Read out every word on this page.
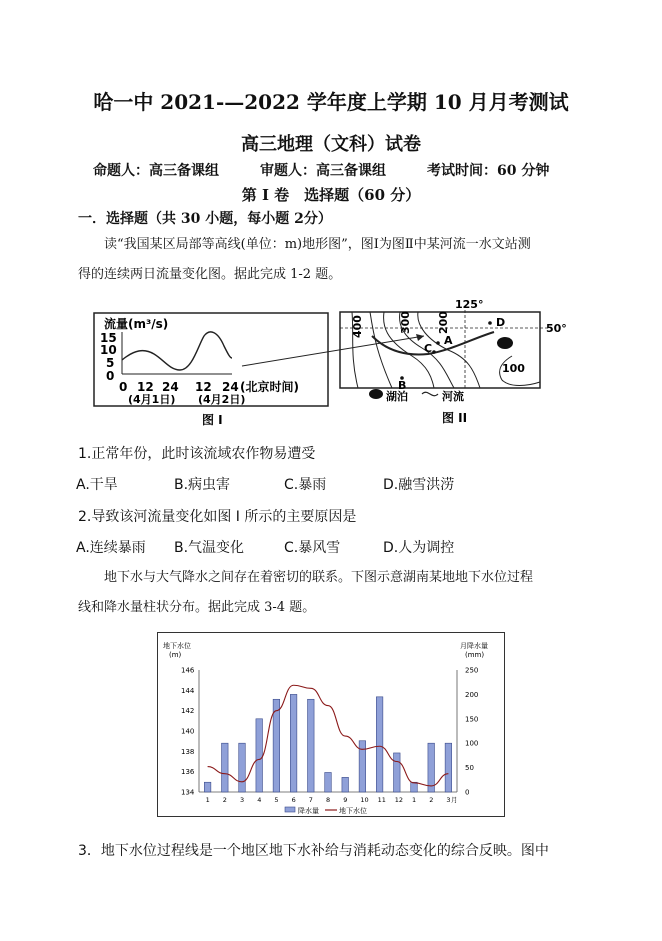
哈一中 2021-—2022 学年度上学期 10 月月考测试
高三地理（文科）试卷
命题人：高三备课组	审题人：高三备课组	考试时间：60 分钟
第 I 卷　选择题（60 分）
一．选择题（共 30 小题，每小题 2分）
读“我国某区局部等高线(单位：m)地形图”，图Ⅰ为图Ⅱ中某河流一水文站测
得的连续两日流量变化图。据此完成 1-2 题。
流量(m³/s)
15
10
5
0
12 24 12 24
0	(北京时间)
(4月1日) (4月2日)
图 I
400	300 200
100
A
B
C
D
125°
50°
湖泊	河流
图 II
1.正常年份，此时该流域农作物易遭受
A.干旱	B.病虫害	C.暴雨	D.融雪洪涝
2.导致该河流量变化如图 I 所示的主要原因是
A.连续暴雨 B.气温变化	C.暴风雪	D.人为调控
地下水与大气降水之间存在着密切的联系。下图示意湖南某地地下水位过程
线和降水量柱状分布。据此完成 3-4 题。
地下水位
(m)
月降水量
(mm)
146
144
142
140
138
136
134
250
200
150
100
50
0
1 2 3 4 5 6 7 8 9 10 11 12 1 2 3 月
降水量	地下水位
3．地下水位过程线是一个地区地下水补给与消耗动态变化的综合反映。图中
